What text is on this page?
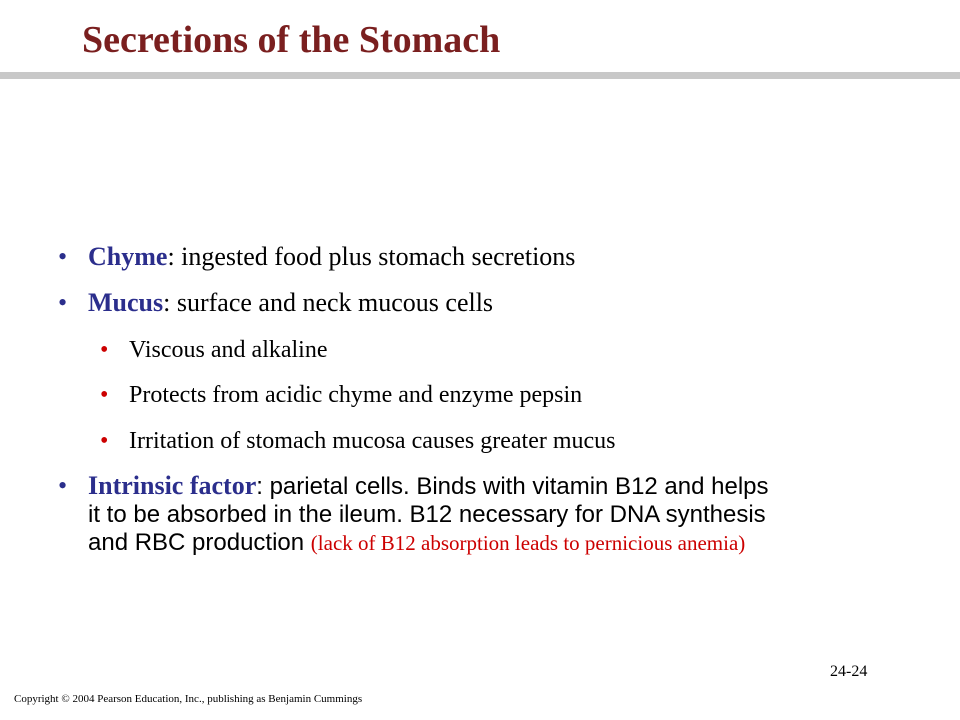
Secretions of the Stomach
• Chyme: ingested food plus stomach secretions
• Mucus: surface and neck mucous cells
• Viscous and alkaline
• Protects from acidic chyme and enzyme pepsin
• Irritation of stomach mucosa causes greater mucus
• Intrinsic factor: parietal cells. Binds with vitamin B12 and helps
it to be absorbed in the ileum. B12 necessary for DNA synthesis
and RBC production (lack of B12 absorption leads to pernicious anemia)
24-24
Copyright © 2004 Pearson Education, Inc., publishing as Benjamin Cummings
